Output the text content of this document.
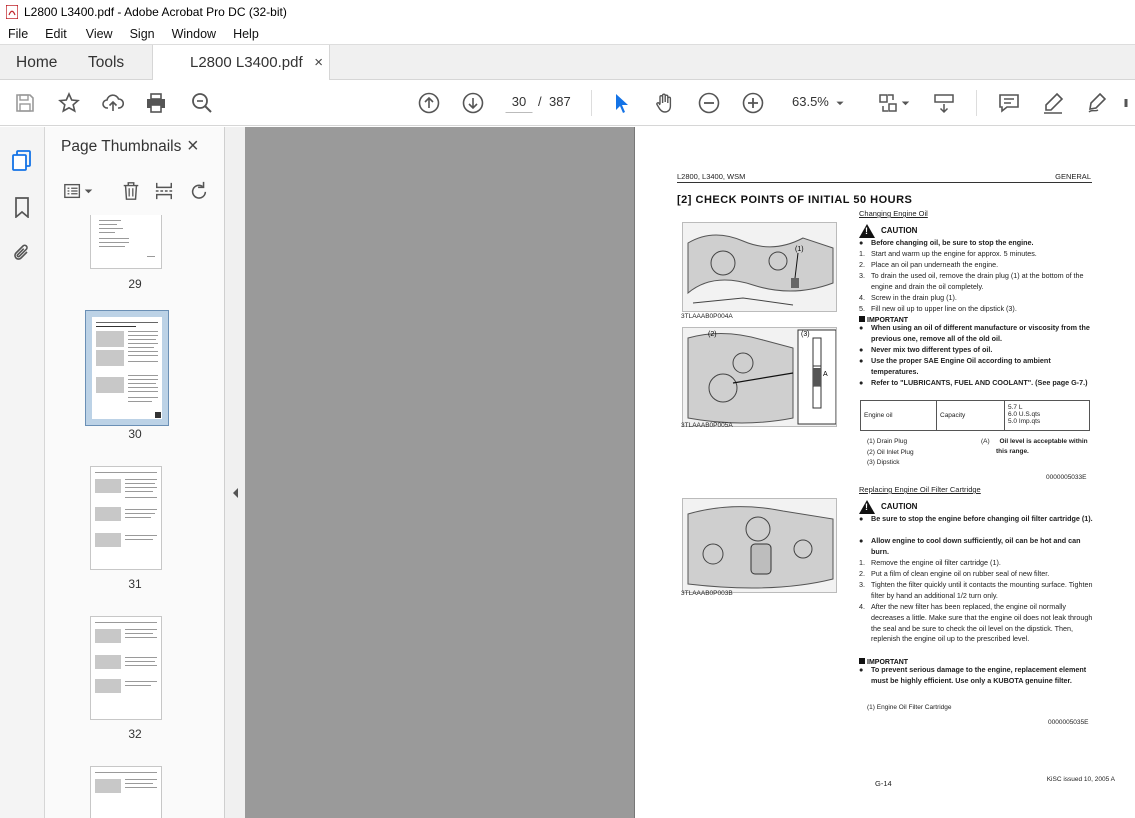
L2800 L3400.pdf - Adobe Acrobat Pro DC (32-bit)
File Edit View Sign Window Help
Home Tools	L2800 L3400.pdf ×
30 / 387	63.5%
Page Thumbnails ×
29
30
31
32
L2800, L3400, WSM	GENERAL
[2] CHECK POINTS OF INITIAL 50 HOURS
Changing Engine Oil
(1)
3TLAAAB0P004A
(2)
A
(3)
3TLAAAB0P005A
!CAUTION
●	Before changing oil, be sure to stop the engine.
1. Start and warm up the engine for approx. 5 minutes.
2. Place an oil pan underneath the engine.
3. To drain the used oil, remove the drain plug (1) at the bottom of the engine and drain the oil completely.
4. Screw in the drain plug (1).
5. Fill new oil up to upper line on the dipstick (3).
IMPORTANT
●	When using an oil of different manufacture or viscosity from the previous one, remove all of the old oil.
●	Never mix two different types of oil.
●	Use the proper SAE Engine Oil according to ambient temperatures.
●	Refer to "LUBRICANTS, FUEL AND COOLANT". (See page G-7.)
Engine oil	Capacity	
5.7 L
6.0 U.S.qts
5.0 Imp.qts
(1) Drain Plug
(2) Oil Inlet Plug
(3) Dipstick
(A) Oil level is acceptable within
this range.
0000005033E
Replacing Engine Oil Filter Cartridge
3TLAAAB0P003B
!CAUTION
●	Be sure to stop the engine before changing oil filter cartridge (1).
●	Allow engine to cool down sufficiently, oil can be hot and can burn.
1. Remove the engine oil filter cartridge (1).
2. Put a film of clean engine oil on rubber seal of new filter.
3. Tighten the filter quickly until it contacts the mounting surface. Tighten filter by hand an additional 1/2 turn only.
4. After the new filter has been replaced, the engine oil normally decreases a little. Make sure that the engine oil does not leak through the seal and be sure to check the oil level on the dipstick. Then, replenish the engine oil up to the prescribed level.
IMPORTANT
●	To prevent serious damage to the engine, replacement element must be highly efficient. Use only a KUBOTA genuine filter.
(1) Engine Oil Filter Cartridge
0000005035E
G-14	KiSC issued 10, 2005 A
